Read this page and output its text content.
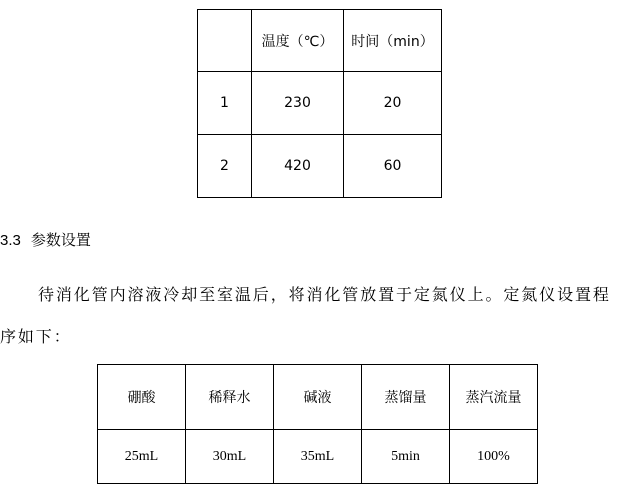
	温度（℃）	时间（min）
1	230	20
2	420	60
3.3 参数设置
待消化管内溶液冷却至室温后，将消化管放置于定氮仪上。定氮仪设置程
序如下：
硼酸	稀释水	碱液	蒸馏量	蒸汽流量
25mL	30mL	35mL	5min	100%
